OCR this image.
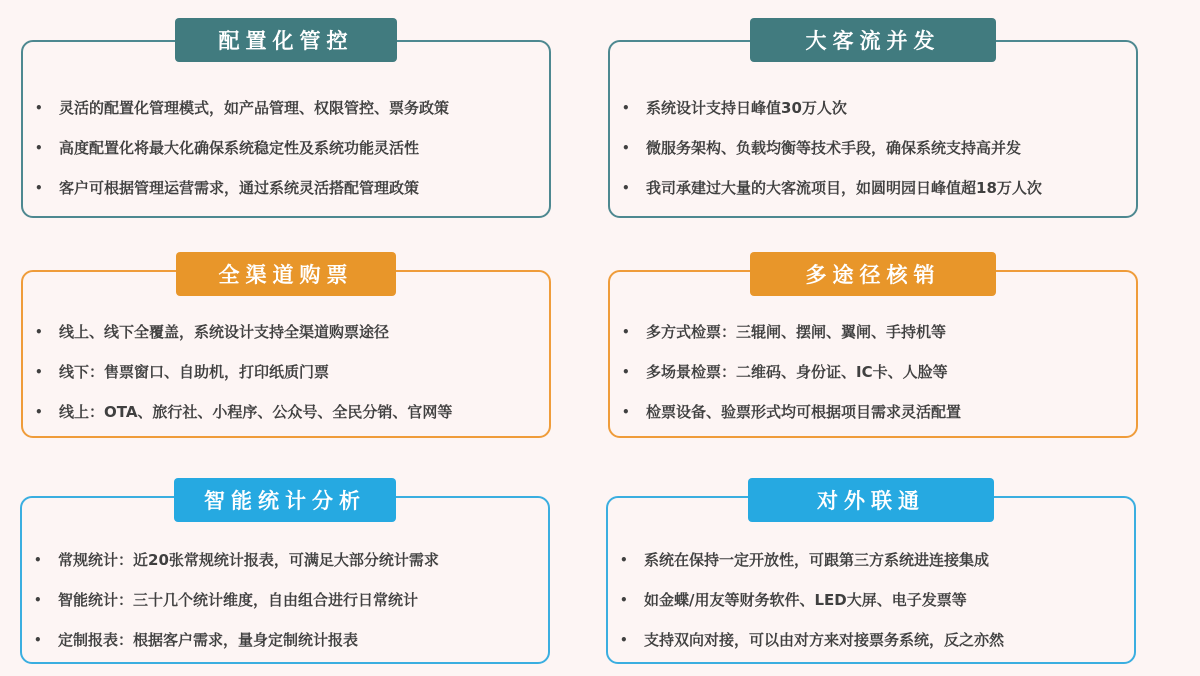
配置化管控
• 灵活的配置化管理模式，如产品管理、权限管控、票务政策
• 高度配置化将最大化确保系统稳定性及系统功能灵活性
• 客户可根据管理运营需求，通过系统灵活搭配管理政策
大客流并发
• 系统设计支持日峰值30万人次
• 微服务架构、负载均衡等技术手段，确保系统支持高并发
• 我司承建过大量的大客流项目，如圆明园日峰值超18万人次
全渠道购票
• 线上、线下全覆盖，系统设计支持全渠道购票途径
• 线下：售票窗口、自助机，打印纸质门票
• 线上：OTA、旅行社、小程序、公众号、全民分销、官网等
多途径核销
• 多方式检票：三辊闸、摆闸、翼闸、手持机等
• 多场景检票：二维码、身份证、IC卡、人脸等
• 检票设备、验票形式均可根据项目需求灵活配置
智能统计分析
• 常规统计：近20张常规统计报表，可满足大部分统计需求
• 智能统计：三十几个统计维度，自由组合进行日常统计
• 定制报表：根据客户需求，量身定制统计报表
对外联通
• 系统在保持一定开放性，可跟第三方系统进连接集成
• 如金蝶/用友等财务软件、LED大屏、电子发票等
• 支持双向对接，可以由对方来对接票务系统，反之亦然
